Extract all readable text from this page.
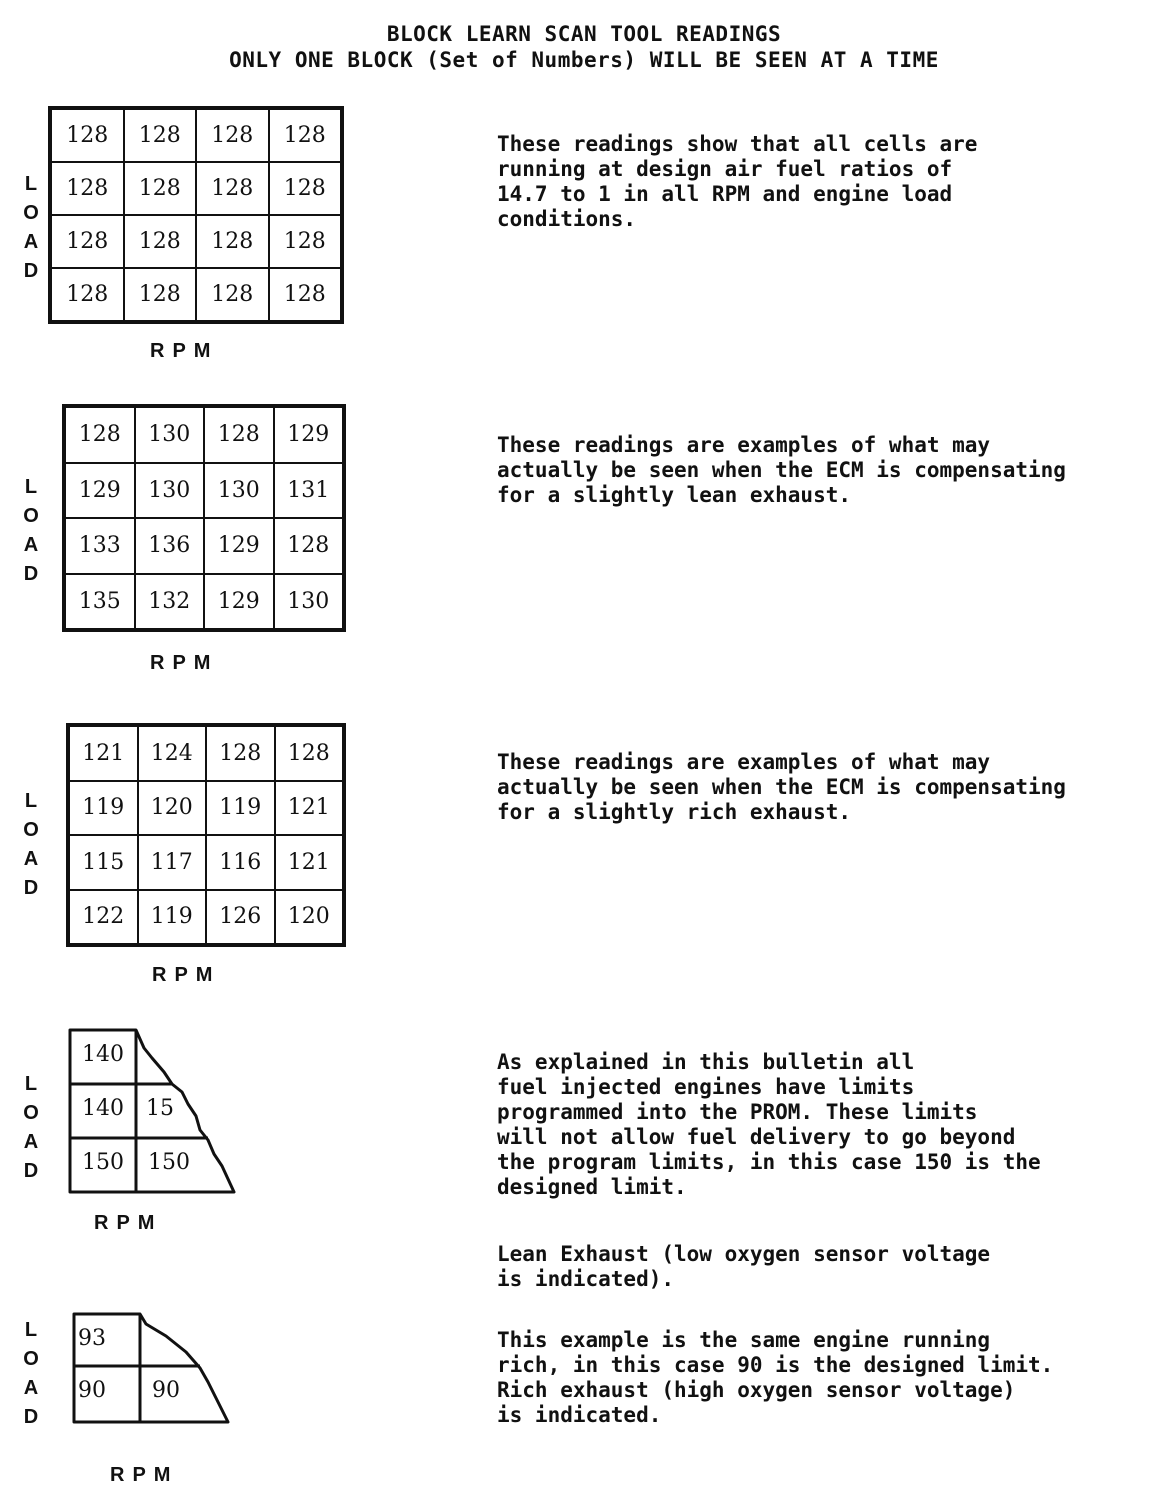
BLOCK LEARN SCAN TOOL READINGS
ONLY ONE BLOCK (Set of Numbers) WILL BE SEEN AT A TIME
L
O
A
D
128	128	128	128
128	128	128	128
128	128	128	128
128	128	128	128
RPM
These readings show that all cells are
running at design air fuel ratios of
14.7 to 1 in all RPM and engine load
conditions.
L
O
A
D
128	130	128	129
129	130	130	131
133	136	129	128
135	132	129	130
RPM
These readings are examples of what may
actually be seen when the ECM is compensating
for a slightly lean exhaust.
L
O
A
D
121	124	128	128
119	120	119	121
115	117	116	121
122	119	126	120
RPM
These readings are examples of what may
actually be seen when the ECM is compensating
for a slightly rich exhaust.
L
O
A
D
140
140	15
150	150
RPM
As explained in this bulletin all
fuel injected engines have limits
programmed into the PROM. These limits
will not allow fuel delivery to go beyond
the program limits, in this case 150 is the
designed limit.
Lean Exhaust (low oxygen sensor voltage
is indicated).
L
O
A
D
93
90	90
RPM
This example is the same engine running
rich, in this case 90 is the designed limit.
Rich exhaust (high oxygen sensor voltage)
is indicated.
